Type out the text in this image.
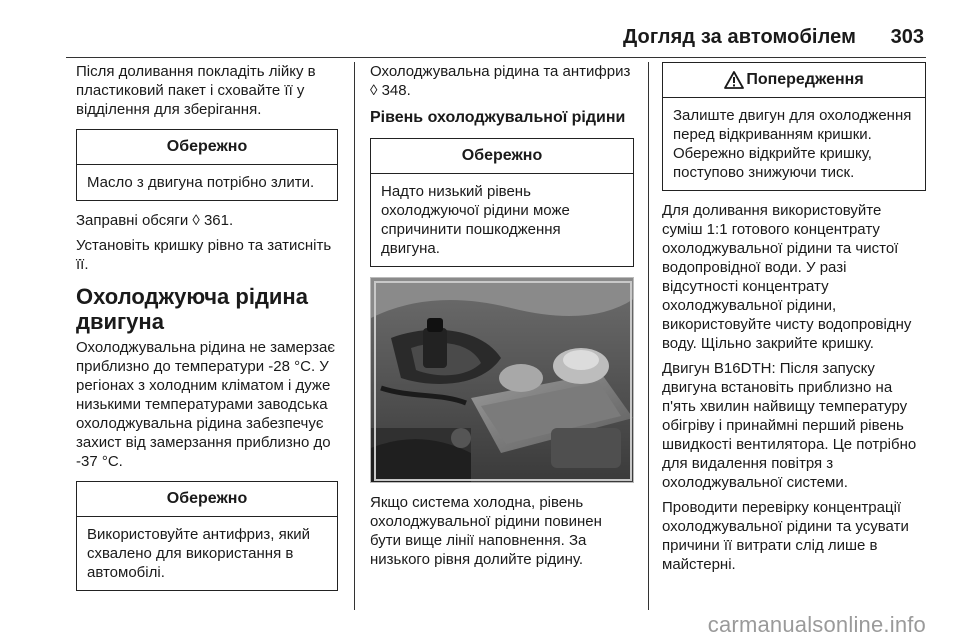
Догляд за автомобілем 303
Після доливання покладіть лійку в пластиковий пакет і сховайте її у відділення для зберігання.
Обережно
Масло з двигуна потрібно злити.
Заправні обсяги ◊ 361.
Установіть кришку рівно та затисніть її.
Охолоджуюча рідина двигуна
Охолоджувальна рідина не замерзає приблизно до температури -28 °C. У регіонах з холодним кліматом і дуже низькими температурами заводська охолоджувальна рідина забезпечує захист від замерзання приблизно до -37 °C.
Обережно
Використовуйте антифриз, який схвалено для використання в автомобілі.
Охолоджувальна рідина та антифриз ◊ 348.
Рівень охолоджувальної рідини
Обережно
Надто низький рівень охолоджуючої рідини може спричинити пошкодження двигуна.
Якщо система холодна, рівень охолоджувальної рідини повинен бути вище лінії наповнення. За низького рівня долийте рідину.
Попередження
Залиште двигун для охолодження перед відкриванням кришки. Обережно відкрийте кришку, поступово знижуючи тиск.
Для доливання використовуйте суміш 1:1 готового концентрату охолоджувальної рідини та чистої водопровідної води. У разі відсутності концентрату охолоджувальної рідини, використовуйте чисту водопровідну воду. Щільно закрийте кришку.
Двигун B16DTH: Після запуску двигуна встановіть приблизно на п'ять хвилин найвищу температуру обігріву і принаймні перший рівень швидкості вентилятора. Це потрібно для видалення повітря з охолоджувальної системи.
Проводити перевірку концентрації охолоджувальної рідини та усувати причини її витрати слід лише в майстерні.
carmanualsonline.info
